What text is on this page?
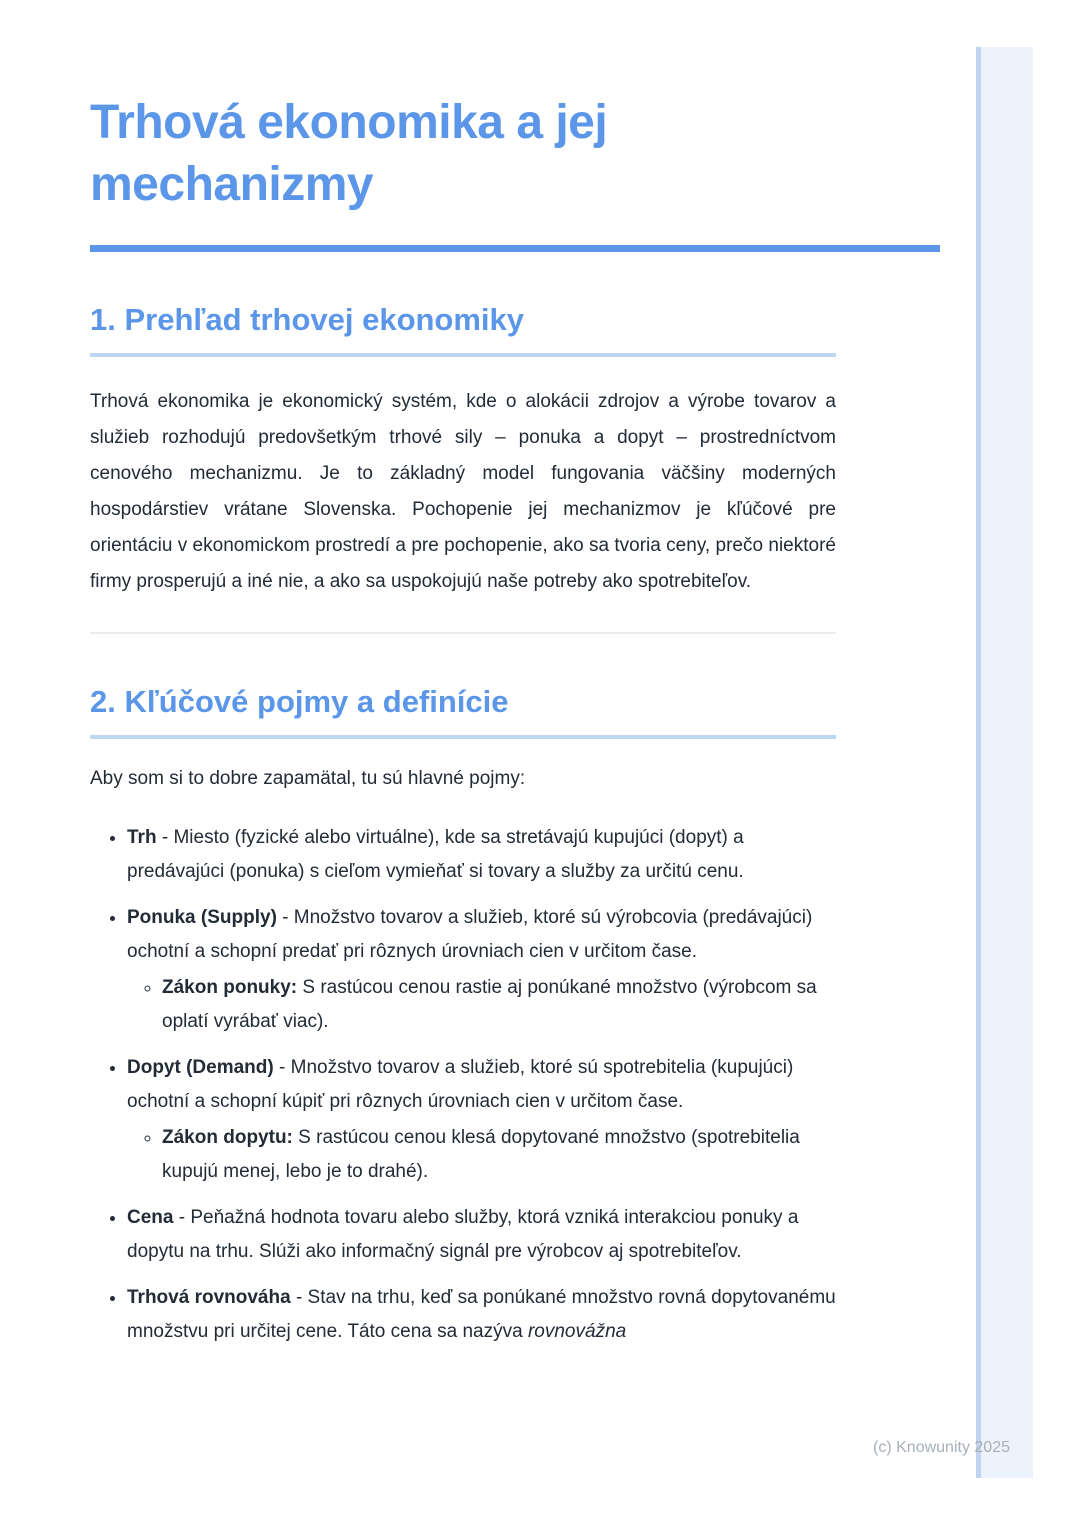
Trhová ekonomika a jej mechanizmy
1. Prehľad trhovej ekonomiky

Trhová ekonomika je ekonomický systém, kde o alokácii zdrojov a výrobe tovarov a služieb rozhodujú predovšetkým trhové sily – ponuka a dopyt – prostredníctvom cenového mechanizmu. Je to základný model fungovania väčšiny moderných hospodárstiev vrátane Slovenska. Pochopenie jej mechanizmov je kľúčové pre orientáciu v ekonomickom prostredí a pre pochopenie, ako sa tvoria ceny, prečo niektoré firmy prosperujú a iné nie, a ako sa uspokojujú naše potreby ako spotrebiteľov.

2. Kľúčové pojmy a definície

Aby som si to dobre zapamätal, tu sú hlavné pojmy:

• Trh - Miesto (fyzické alebo virtuálne), kde sa stretávajú kupujúci (dopyt) a predávajúci (ponuka) s cieľom vymieňať si tovary a služby za určitú cenu.
• Ponuka (Supply) - Množstvo tovarov a služieb, ktoré sú výrobcovia (predávajúci) ochotní a schopní predať pri rôznych úrovniach cien v určitom čase.
◦ Zákon ponuky: S rastúcou cenou rastie aj ponúkané množstvo (výrobcom sa oplatí vyrábať viac).
• Dopyt (Demand) - Množstvo tovarov a služieb, ktoré sú spotrebitelia (kupujúci) ochotní a schopní kúpiť pri rôznych úrovniach cien v určitom čase.
◦ Zákon dopytu: S rastúcou cenou klesá dopytované množstvo (spotrebitelia kupujú menej, lebo je to drahé).
• Cena - Peňažná hodnota tovaru alebo služby, ktorá vzniká interakciou ponuky a dopytu na trhu. Slúži ako informačný signál pre výrobcov aj spotrebiteľov.
• Trhová rovnováha - Stav na trhu, keď sa ponúkané množstvo rovná dopytovanému množstvu pri určitej cene. Táto cena sa nazýva rovnovážna
(c) Knowunity 2025
